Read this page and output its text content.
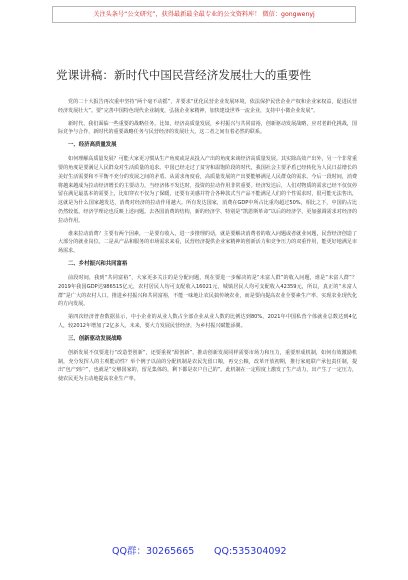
关注头条号“公文研究”，获得最新最全最专业的公文资料库！ 微信：gongwenyj
党课讲稿：新时代中国民营经济发展壮大的重要性

党的二十大报告再次重申坚持“两个毫不动摇”，并要求“优化民营企业发展环境，依法保护民营企业产权和企业家权益，促进民营经济发展壮大”。要“完善中国特色现代企业制度，弘扬企业家精神，加快建设世界一流企业，支持中小微企业发展”。

新时代，我们面临一些重要的战略任务。比如，经济高质量发展，乡村振兴与共同富裕，创新驱动发展战略，应对老龄化挑战，国际竞争与合作，新时代的重要战略任务与民营经济的发展壮大，这二者之间有着必然的联系。

一、经济高质量发展

如何理解高质量发展？可能大家更习惯从生产角度或是从投入产出的角度来谈经济高质量发展。其实除高效产出外，另一个非常重要的角度是要满足人民群众对生活质量的追求。中国已经走过了贫穷和温饱阶段的时代，我国社会主要矛盾已经转化为人民日益增长的美好生活需要和不平衡不充分的发展之间的矛盾。从需求角度看，高质量发展的产出要能够满足人民群众的需求。今后一段时间，消费将越来越成为拉动经济增长的主要动力，当经济体不发达时，投资的拉动作用非常重要。经济发达后，人们对物质的需求已经不仅仅停留在满足最基本的需要上，比如穿衣不仅为了保暖，还要有美感并符合各种款式当产品不能满足人们的个性需求时，很可能无法售出，这就是为什么国家越发达，消费对经济的拉动作用越大。所有发达国家，消费在GDP中所占比重均超过50%，相比之下，中国的占比仍然较低，经济学理论也反映上述问题。去各国消费的结构，新的经济学、特别是“凯恩斯革命”以后的经济学，更加强调需求对经济的拉动作用。

谁来拉动消费？主要有两个因素，一是要有收入，进一步推理的话，就是要解决消费者的收入问题或者就业问题，民营经济创造了大部分的就业岗位。二是从产品和服务的市场需求来看，民营经济提供企业家精神的创新活力和竞争压力的双重作用，能更好地满足市场需求。

二、乡村振兴和共同富裕

前段时间，我到“共同富裕”，大家更多关注的是分配问题，现在要进一步解决的是“未富人群”的收入问题，谁是“未富人群”？2019年我国GDP达986515亿元，农村居民人均可支配收入16021元，城镇居民人均可支配收入42359元，所以，真正的“未富人群”是广大的农村人口。推进乡村振兴和共同富裕，不能一味地让农民搞传统农业，而是要向提高农业全要素生产率、实现农业现代化的方向发展。

第四次经济普查数据显示，中小企业的从业人数占全部企业从业人数的比例达到80%。2021年中国私营个体就业总数达到4亿人，较2012年增加了2亿多人。未来，要大力发展民营经济，为乡村振兴赋能添翼。

三、创新驱动发展战略

创新发展不仅要进行“改造型创新”，还要重视“源创新”，推动创新发展同样需要市场力和压力，重要形成机制，如何有效激励机制，充分发挥人的主观能动性？举个例子以前的分配机制是农民先留口粮，再交公粮，改革开放初期，推行家庭联产承包责任制，提出“包产到户”，也就是“交够国家的，留足集体的，剩下都是农户自己的”。此机制在一定程度上激发了生产动力，出产生了一定压力，使农民更为主动地提高农业生产率。

QQ群：30265665 QQ:535304092
